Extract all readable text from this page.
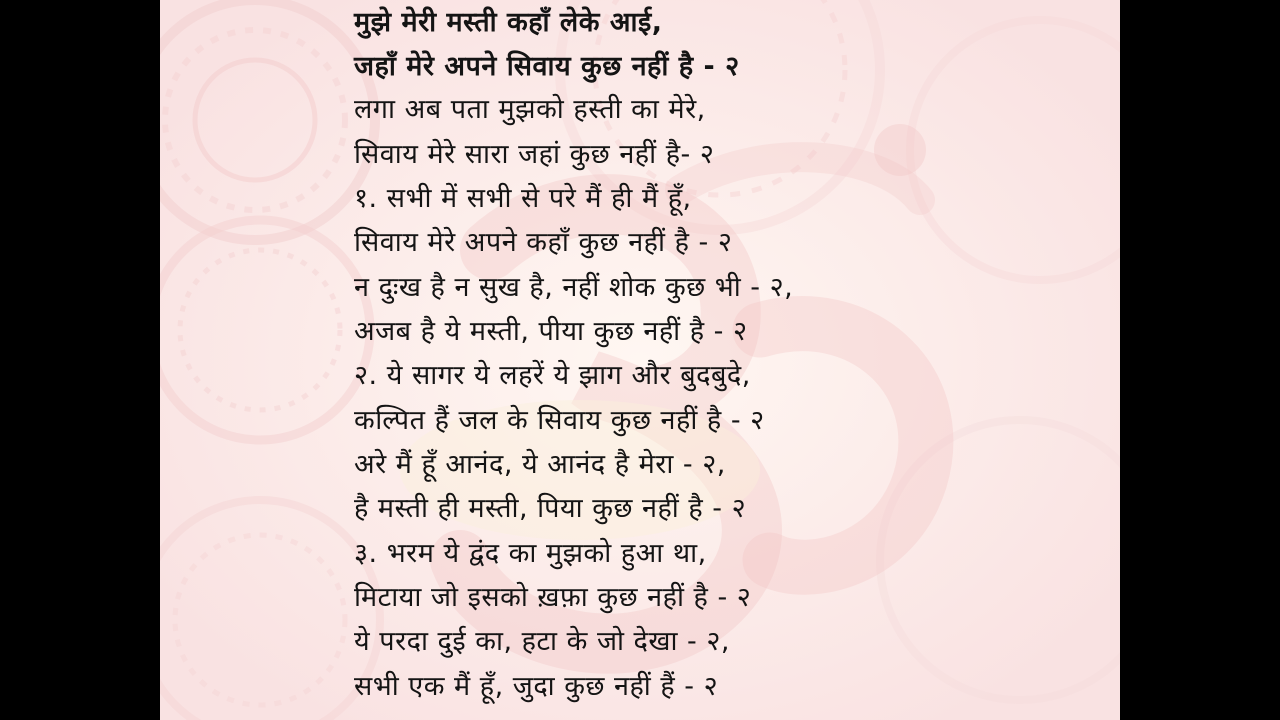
मुझे मेरी मस्ती कहाँ लेके आई,
जहाँ मेरे अपने सिवाय कुछ नहीं है - २
लगा अब पता मुझको हस्ती का मेरे,
सिवाय मेरे सारा जहां कुछ नहीं है- २
१. सभी में सभी से परे मैं ही मैं हूँ,
सिवाय मेरे अपने कहाँ कुछ नहीं है - २
न दुःख है न सुख है, नहीं शोक कुछ भी - २,
अजब है ये मस्ती, पीया कुछ नहीं है - २
२. ये सागर ये लहरें ये झाग और बुदबुदे,
कल्पित हैं जल के सिवाय कुछ नहीं है - २
अरे मैं हूँ आनंद, ये आनंद है मेरा - २,
है मस्ती ही मस्ती, पिया कुछ नहीं है - २
३. भरम ये द्वंद का मुझको हुआ था,
मिटाया जो इसको ख़फ़ा कुछ नहीं है - २
ये परदा दुई का, हटा के जो देखा - २,
सभी एक मैं हूँ, जुदा कुछ नहीं हैं - २
